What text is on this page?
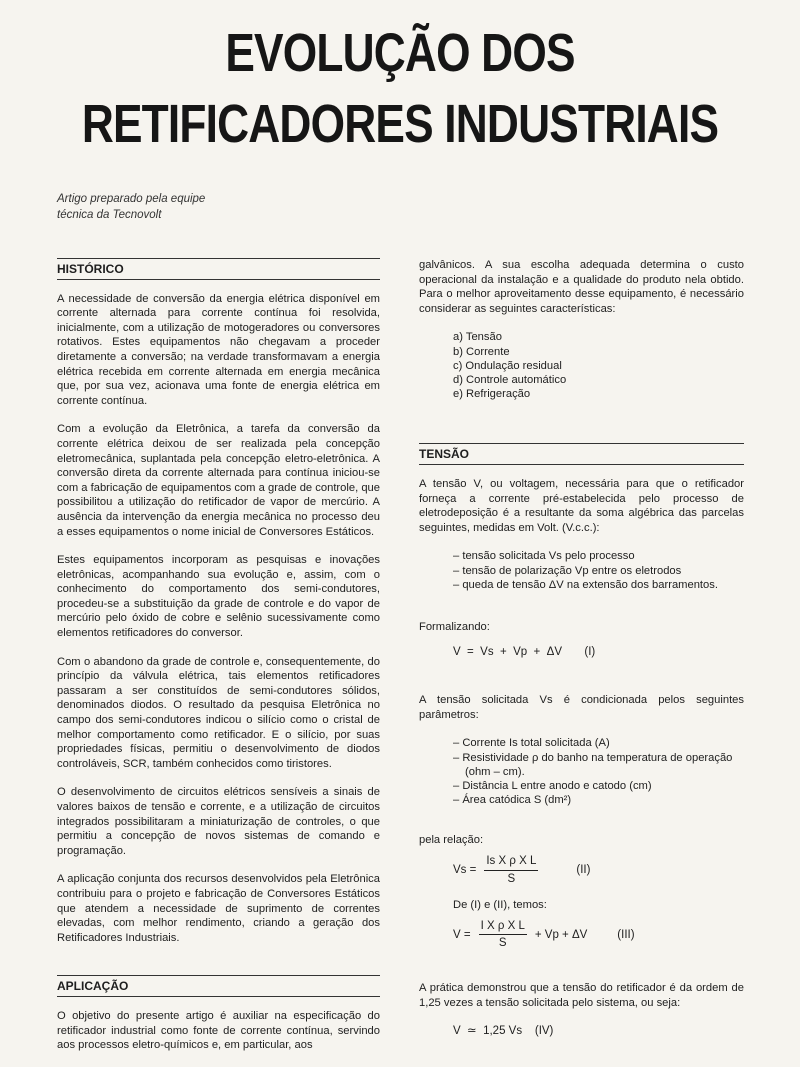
EVOLUÇÃO DOS
RETIFICADORES INDUSTRIAIS
Artigo preparado pela equipe
técnica da Tecnovolt
HISTÓRICO

A necessidade de conversão da energia elétrica disponível em corrente alternada para corrente contínua foi resolvida, inicialmente, com a utilização de motogeradores ou conversores rotativos. Estes equipamentos não chegavam a proceder diretamente a conversão; na verdade transformavam a energia elétrica recebida em corrente alternada em energia mecânica que, por sua vez, acionava uma fonte de energia elétrica em corrente contínua.

Com a evolução da Eletrônica, a tarefa da conversão da corrente elétrica deixou de ser realizada pela concepção eletromecânica, suplantada pela concepção eletro-eletrônica. A conversão direta da corrente alternada para contínua iniciou-se com a fabricação de equipamentos com a grade de controle, que possibilitou a utilização do retificador de vapor de mercúrio. A ausência da intervenção da energia mecânica no processo deu a esses equipamentos o nome inicial de Conversores Estáticos.

Estes equipamentos incorporam as pesquisas e inovações eletrônicas, acompanhando sua evolução e, assim, com o conhecimento do comportamento dos semi-condutores, procedeu-se a substituição da grade de controle e do vapor de mercúrio pelo óxido de cobre e selênio sucessivamente como elementos retificadores do conversor.

Com o abandono da grade de controle e, consequentemente, do princípio da válvula elétrica, tais elementos retificadores passaram a ser constituídos de semi-condutores sólidos, denominados diodos. O resultado da pesquisa Eletrônica no campo dos semi-condutores indicou o silício como o cristal de melhor comportamento como retificador. E o silício, por suas propriedades físicas, permitiu o desenvolvimento de diodos controláveis, SCR, também conhecidos como tiristores.

O desenvolvimento de circuitos elétricos sensíveis a sinais de valores baixos de tensão e corrente, e a utilização de circuitos integrados possibilitaram a miniaturização de controles, o que permitiu a concepção de novos sistemas de comando e programação.

A aplicação conjunta dos recursos desenvolvidos pela Eletrônica contribuiu para o projeto e fabricação de Conversores Estáticos que atendem a necessidade de suprimento de correntes elevadas, com melhor rendimento, criando a geração dos Retificadores Industriais.

APLICAÇÃO

O objetivo do presente artigo é auxiliar na especificação do retificador industrial como fonte de corrente contínua, servindo aos processos eletro-químicos e, em particular, aos

galvânicos. A sua escolha adequada determina o custo operacional da instalação e a qualidade do produto nela obtido. Para o melhor aproveitamento desse equipamento, é necessário considerar as seguintes características:

a) Tensão
b) Corrente
c) Ondulação residual
d) Controle automático
e) Refrigeração
TENSÃO

A tensão V, ou voltagem, necessária para que o retificador forneça a corrente pré-estabelecida pelo processo de eletrodeposição é a resultante da soma algébrica das parcelas seguintes, medidas em Volt. (V.c.c.):

– tensão solicitada Vs pelo processo
– tensão de polarização Vp entre os eletrodos
– queda de tensão ΔV na extensão dos barramentos.
Formalizando:
V  =  Vs  +  Vp  +  ΔV       (I)

A tensão solicitada Vs é condicionada pelos seguintes parâmetros:

– Corrente Is total solicitada (A)
– Resistividade ρ do banho na temperatura de operação (ohm – cm).
– Distância L entre anodo e catodo (cm)
– Área catódica S (dm²)
pela relação:
$Vs = \frac{\text{Is X ρ X L}}{S}$	(II)
De (I) e (II), temos:
$V = \frac{\text{I X ρ X L}}{S} + Vp + \Delta V$	(III)

A prática demonstrou que a tensão do retificador é da ordem de 1,25 vezes a tensão solicitada pelo sistema, ou seja:

V  ≃  1,25 Vs    (IV)
